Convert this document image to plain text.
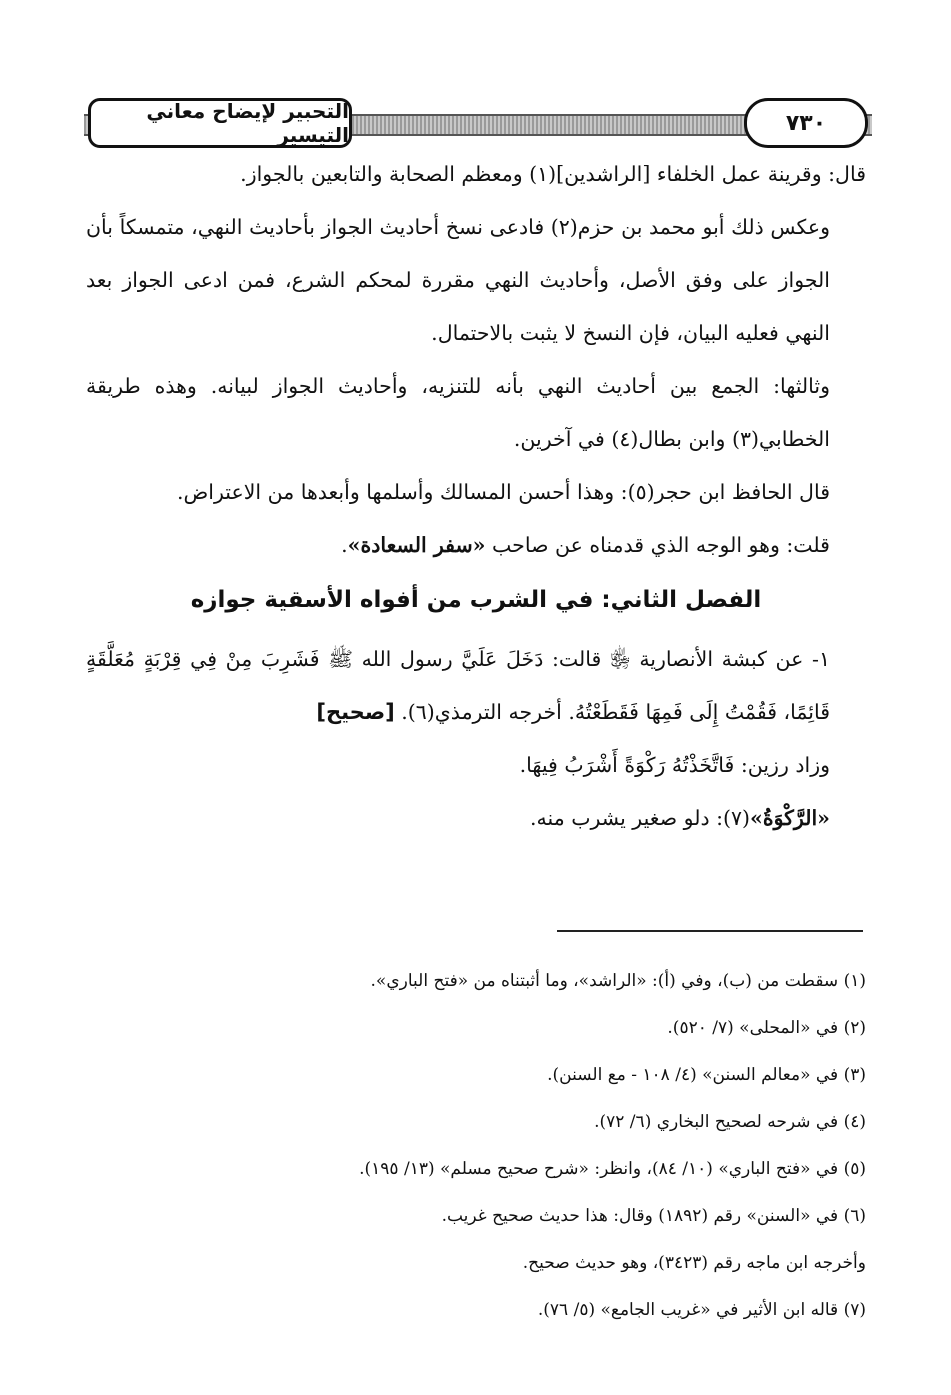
التحبير لإيضاح معاني التيسير	٧٣٠

قال: وقرينة عمل الخلفاء [الراشدين](١) ومعظم الصحابة والتابعين بالجواز.

وعكس ذلك أبو محمد بن حزم(٢) فادعى نسخ أحاديث الجواز بأحاديث النهي، متمسكاً بأن الجواز على وفق الأصل، وأحاديث النهي مقررة لمحكم الشرع، فمن ادعى الجواز بعد النهي فعليه البيان، فإن النسخ لا يثبت بالاحتمال.

وثالثها: الجمع بين أحاديث النهي بأنه للتنزيه، وأحاديث الجواز لبيانه. وهذه طريقة الخطابي(٣) وابن بطال(٤) في آخرين.

قال الحافظ ابن حجر(٥): وهذا أحسن المسالك وأسلمها وأبعدها من الاعتراض.

قلت: وهو الوجه الذي قدمناه عن صاحب «سفر السعادة».

الفصل الثاني: في الشرب من أفواه الأسقية جوازه

١- عن كبشة الأنصارية ﵂ قالت: دَخَلَ عَلَيَّ رسول الله ﷺ فَشَرِبَ مِنْ فِي قِرْبَةٍ مُعَلَّقَةٍ قَائِمًا، فَقُمْتُ إِلَى فَمِهَا فَقَطَعْتُهُ. أخرجه الترمذي(٦). [صحيح]

وزاد رزين: فَاتَّخَذْتُهُ رَكْوَةً أَشْرَبُ فِيهَا.

«الرَّكْوَةُ»(٧): دلو صغير يشرب منه.

(١) سقطت من (ب)، وفي (أ): «الراشد»، وما أثبتناه من «فتح الباري».

(٢) في «المحلى» (٧/ ٥٢٠).

(٣) في «معالم السنن» (٤/ ١٠٨ - مع السنن).

(٤) في شرحه لصحيح البخاري (٦/ ٧٢).

(٥) في «فتح الباري» (١٠/ ٨٤)، وانظر: «شرح صحيح مسلم» (١٣/ ١٩٥).

(٦) في «السنن» رقم (١٨٩٢) وقال: هذا حديث صحيح غريب.

وأخرجه ابن ماجه رقم (٣٤٢٣)، وهو حديث صحيح.

(٧) قاله ابن الأثير في «غريب الجامع» (٥/ ٧٦).
